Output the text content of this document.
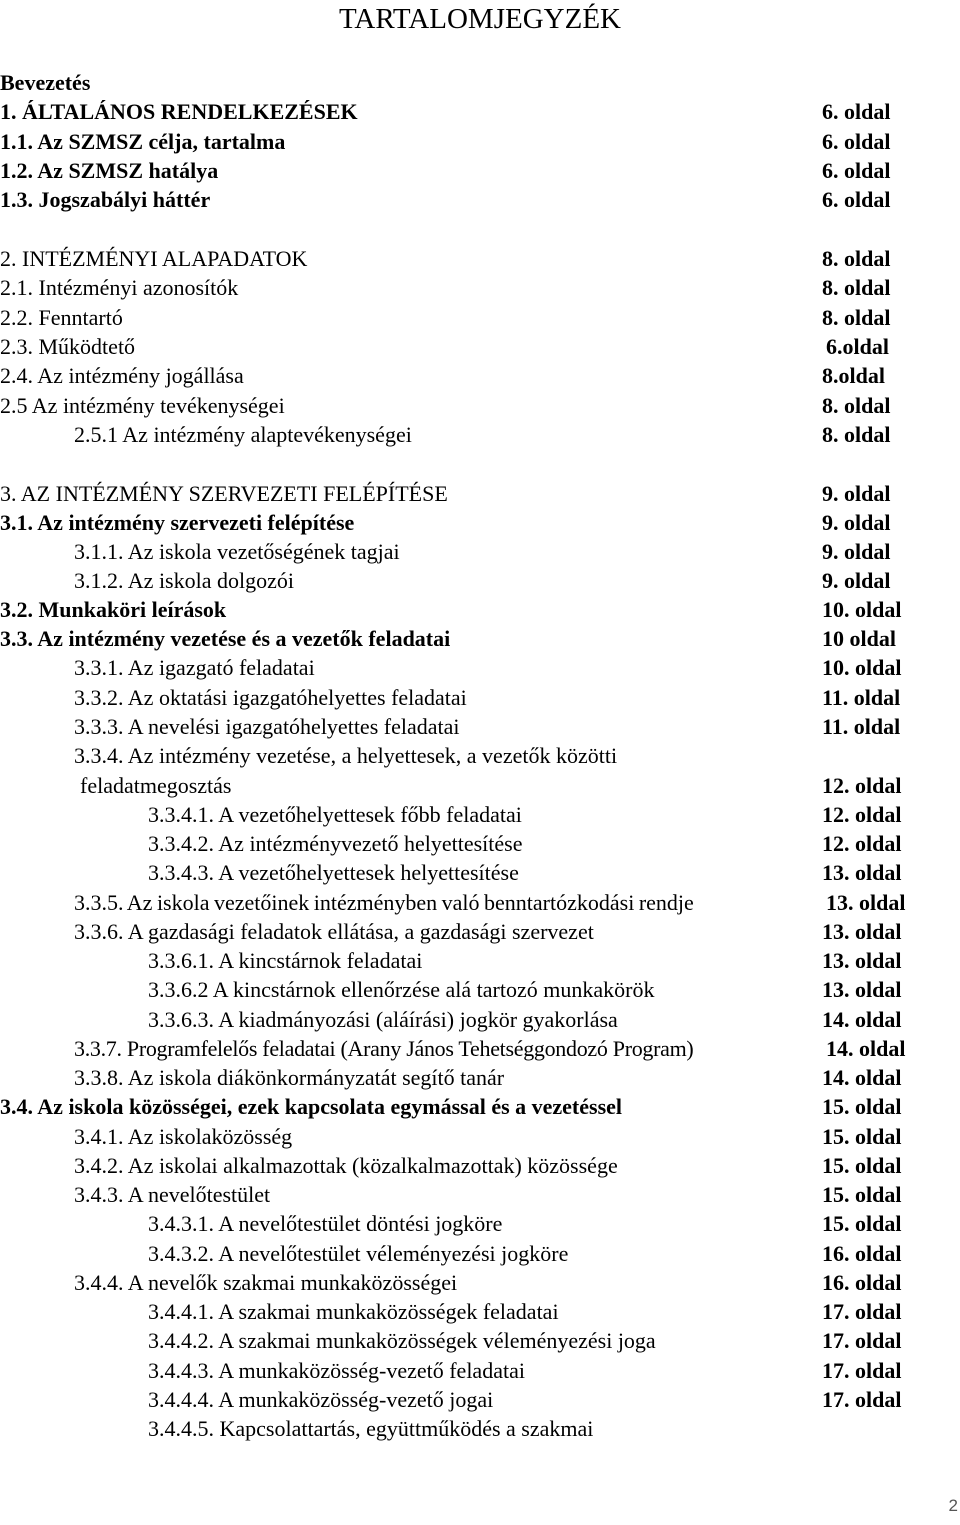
TARTALOMJEGYZÉK
Bevezetés
1. ÁLTALÁNOS RENDELKEZÉSEK	6. oldal
1.1. Az SZMSZ célja, tartalma	6. oldal
1.2. Az SZMSZ hatálya	6. oldal
1.3. Jogszabályi háttér	6. oldal
2. INTÉZMÉNYI ALAPADATOK	8. oldal
2.1. Intézményi azonosítók	8. oldal
2.2. Fenntartó	8. oldal
2.3. Működtető	6.oldal
2.4. Az intézmény jogállása	8.oldal
2.5 Az intézmény tevékenységei	8. oldal
2.5.1 Az intézmény alaptevékenységei	8. oldal
3. AZ INTÉZMÉNY SZERVEZETI FELÉPÍTÉSE	9. oldal
3.1. Az intézmény szervezeti felépítése	9. oldal
3.1.1. Az iskola vezetőségének tagjai	9. oldal
3.1.2. Az iskola dolgozói	9. oldal
3.2. Munkaköri leírások	10. oldal
3.3. Az intézmény vezetése és a vezetők feladatai	10 oldal
3.3.1. Az igazgató feladatai	10. oldal
3.3.2. Az oktatási igazgatóhelyettes feladatai	11. oldal
3.3.3. A nevelési igazgatóhelyettes feladatai	11. oldal
3.3.4. Az intézmény vezetése, a helyettesek, a vezetők közötti
feladatmegosztás	12. oldal
3.3.4.1. A vezetőhelyettesek főbb feladatai	12. oldal
3.3.4.2. Az intézményvezető helyettesítése	12. oldal
3.3.4.3. A vezetőhelyettesek helyettesítése	13. oldal
3.3.5. Az iskola vezetőinek intézményben való benntartózkodási rendje	13. oldal
3.3.6. A gazdasági feladatok ellátása, a gazdasági szervezet	13. oldal
3.3.6.1. A kincstárnok feladatai	13. oldal
3.3.6.2 A kincstárnok ellenőrzése alá tartozó munkakörök	13. oldal
3.3.6.3. A kiadmányozási (aláírási) jogkör gyakorlása	14. oldal
3.3.7. Programfelelős feladatai (Arany János Tehetséggondozó Program)	14. oldal
3.3.8. Az iskola diákönkormányzatát segítő tanár	14. oldal
3.4. Az iskola közösségei, ezek kapcsolata egymással és a vezetéssel	15. oldal
3.4.1. Az iskolaközösség	15. oldal
3.4.2. Az iskolai alkalmazottak (közalkalmazottak) közössége	15. oldal
3.4.3. A nevelőtestület	15. oldal
3.4.3.1. A nevelőtestület döntési jogköre	15. oldal
3.4.3.2. A nevelőtestület véleményezési jogköre	16. oldal
3.4.4. A nevelők szakmai munkaközösségei	16. oldal
3.4.4.1. A szakmai munkaközösségek feladatai	17. oldal
3.4.4.2. A szakmai munkaközösségek véleményezési joga	17. oldal
3.4.4.3. A munkaközösség-vezető feladatai	17. oldal
3.4.4.4. A munkaközösség-vezető jogai	17. oldal
3.4.4.5. Kapcsolattartás, együttműködés a szakmai
2
